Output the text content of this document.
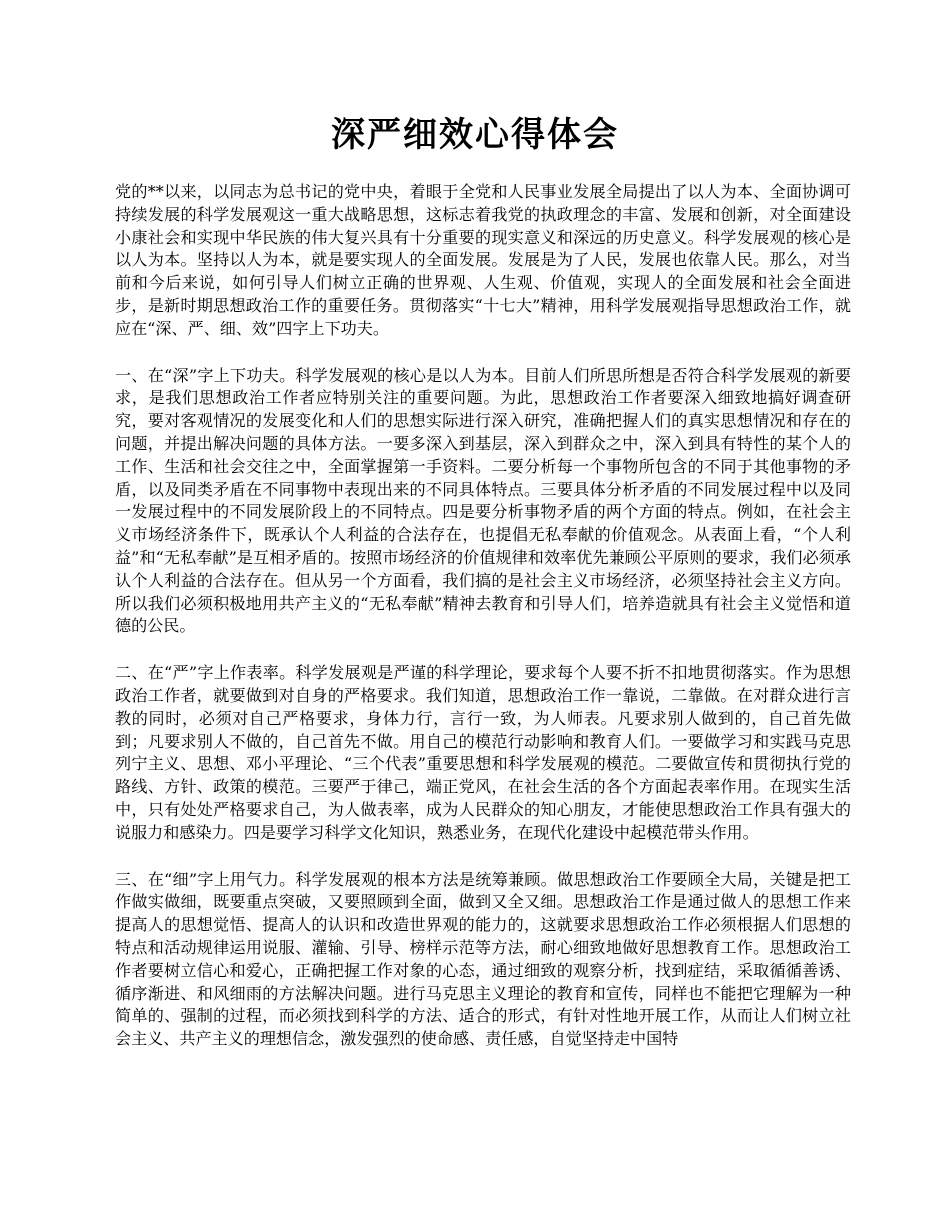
深严细效心得体会

党的**以来，以同志为总书记的党中央，着眼于全党和人民事业发展全局提出了以人为本、全面协调可持续发展的科学发展观这一重大战略思想，这标志着我党的执政理念的丰富、发展和创新，对全面建设小康社会和实现中华民族的伟大复兴具有十分重要的现实意义和深远的历史意义。科学发展观的核心是以人为本。坚持以人为本，就是要实现人的全面发展。发展是为了人民，发展也依靠人民。那么，对当前和今后来说，如何引导人们树立正确的世界观、人生观、价值观，实现人的全面发展和社会全面进步，是新时期思想政治工作的重要任务。贯彻落实“十七大”精神，用科学发展观指导思想政治工作，就应在“深、严、细、效”四字上下功夫。

一、在“深”字上下功夫。科学发展观的核心是以人为本。目前人们所思所想是否符合科学发展观的新要求，是我们思想政治工作者应特别关注的重要问题。为此，思想政治工作者要深入细致地搞好调查研究，要对客观情况的发展变化和人们的思想实际进行深入研究，准确把握人们的真实思想情况和存在的问题，并提出解决问题的具体方法。一要多深入到基层，深入到群众之中，深入到具有特性的某个人的工作、生活和社会交往之中，全面掌握第一手资料。二要分析每一个事物所包含的不同于其他事物的矛盾，以及同类矛盾在不同事物中表现出来的不同具体特点。三要具体分析矛盾的不同发展过程中以及同一发展过程中的不同发展阶段上的不同特点。四是要分析事物矛盾的两个方面的特点。例如，在社会主义市场经济条件下，既承认个人利益的合法存在，也提倡无私奉献的价值观念。从表面上看，“个人利益”和“无私奉献”是互相矛盾的。按照市场经济的价值规律和效率优先兼顾公平原则的要求，我们必须承认个人利益的合法存在。但从另一个方面看，我们搞的是社会主义市场经济，必须坚持社会主义方向。所以我们必须积极地用共产主义的“无私奉献”精神去教育和引导人们，培养造就具有社会主义觉悟和道德的公民。

二、在“严”字上作表率。科学发展观是严谨的科学理论，要求每个人要不折不扣地贯彻落实。作为思想政治工作者，就要做到对自身的严格要求。我们知道，思想政治工作一靠说，二靠做。在对群众进行言教的同时，必须对自己严格要求，身体力行，言行一致，为人师表。凡要求别人做到的，自己首先做到；凡要求别人不做的，自己首先不做。用自己的模范行动影响和教育人们。一要做学习和实践马克思列宁主义、思想、邓小平理论、“三个代表”重要思想和科学发展观的模范。二要做宣传和贯彻执行党的路线、方针、政策的模范。三要严于律己，端正党风，在社会生活的各个方面起表率作用。在现实生活中，只有处处严格要求自己，为人做表率，成为人民群众的知心朋友，才能使思想政治工作具有强大的说服力和感染力。四是要学习科学文化知识，熟悉业务，在现代化建设中起模范带头作用。

三、在“细”字上用气力。科学发展观的根本方法是统筹兼顾。做思想政治工作要顾全大局，关键是把工作做实做细，既要重点突破，又要照顾到全面，做到又全又细。思想政治工作是通过做人的思想工作来提高人的思想觉悟、提高人的认识和改造世界观的能力的，这就要求思想政治工作必须根据人们思想的特点和活动规律运用说服、灌输、引导、榜样示范等方法，耐心细致地做好思想教育工作。思想政治工作者要树立信心和爱心，正确把握工作对象的心态，通过细致的观察分析，找到症结，采取循循善诱、循序渐进、和风细雨的方法解决问题。进行马克思主义理论的教育和宣传，同样也不能把它理解为一种简单的、强制的过程，而必须找到科学的方法、适合的形式，有针对性地开展工作，从而让人们树立社会主义、共产主义的理想信念，激发强烈的使命感、责任感，自觉坚持走中国特
